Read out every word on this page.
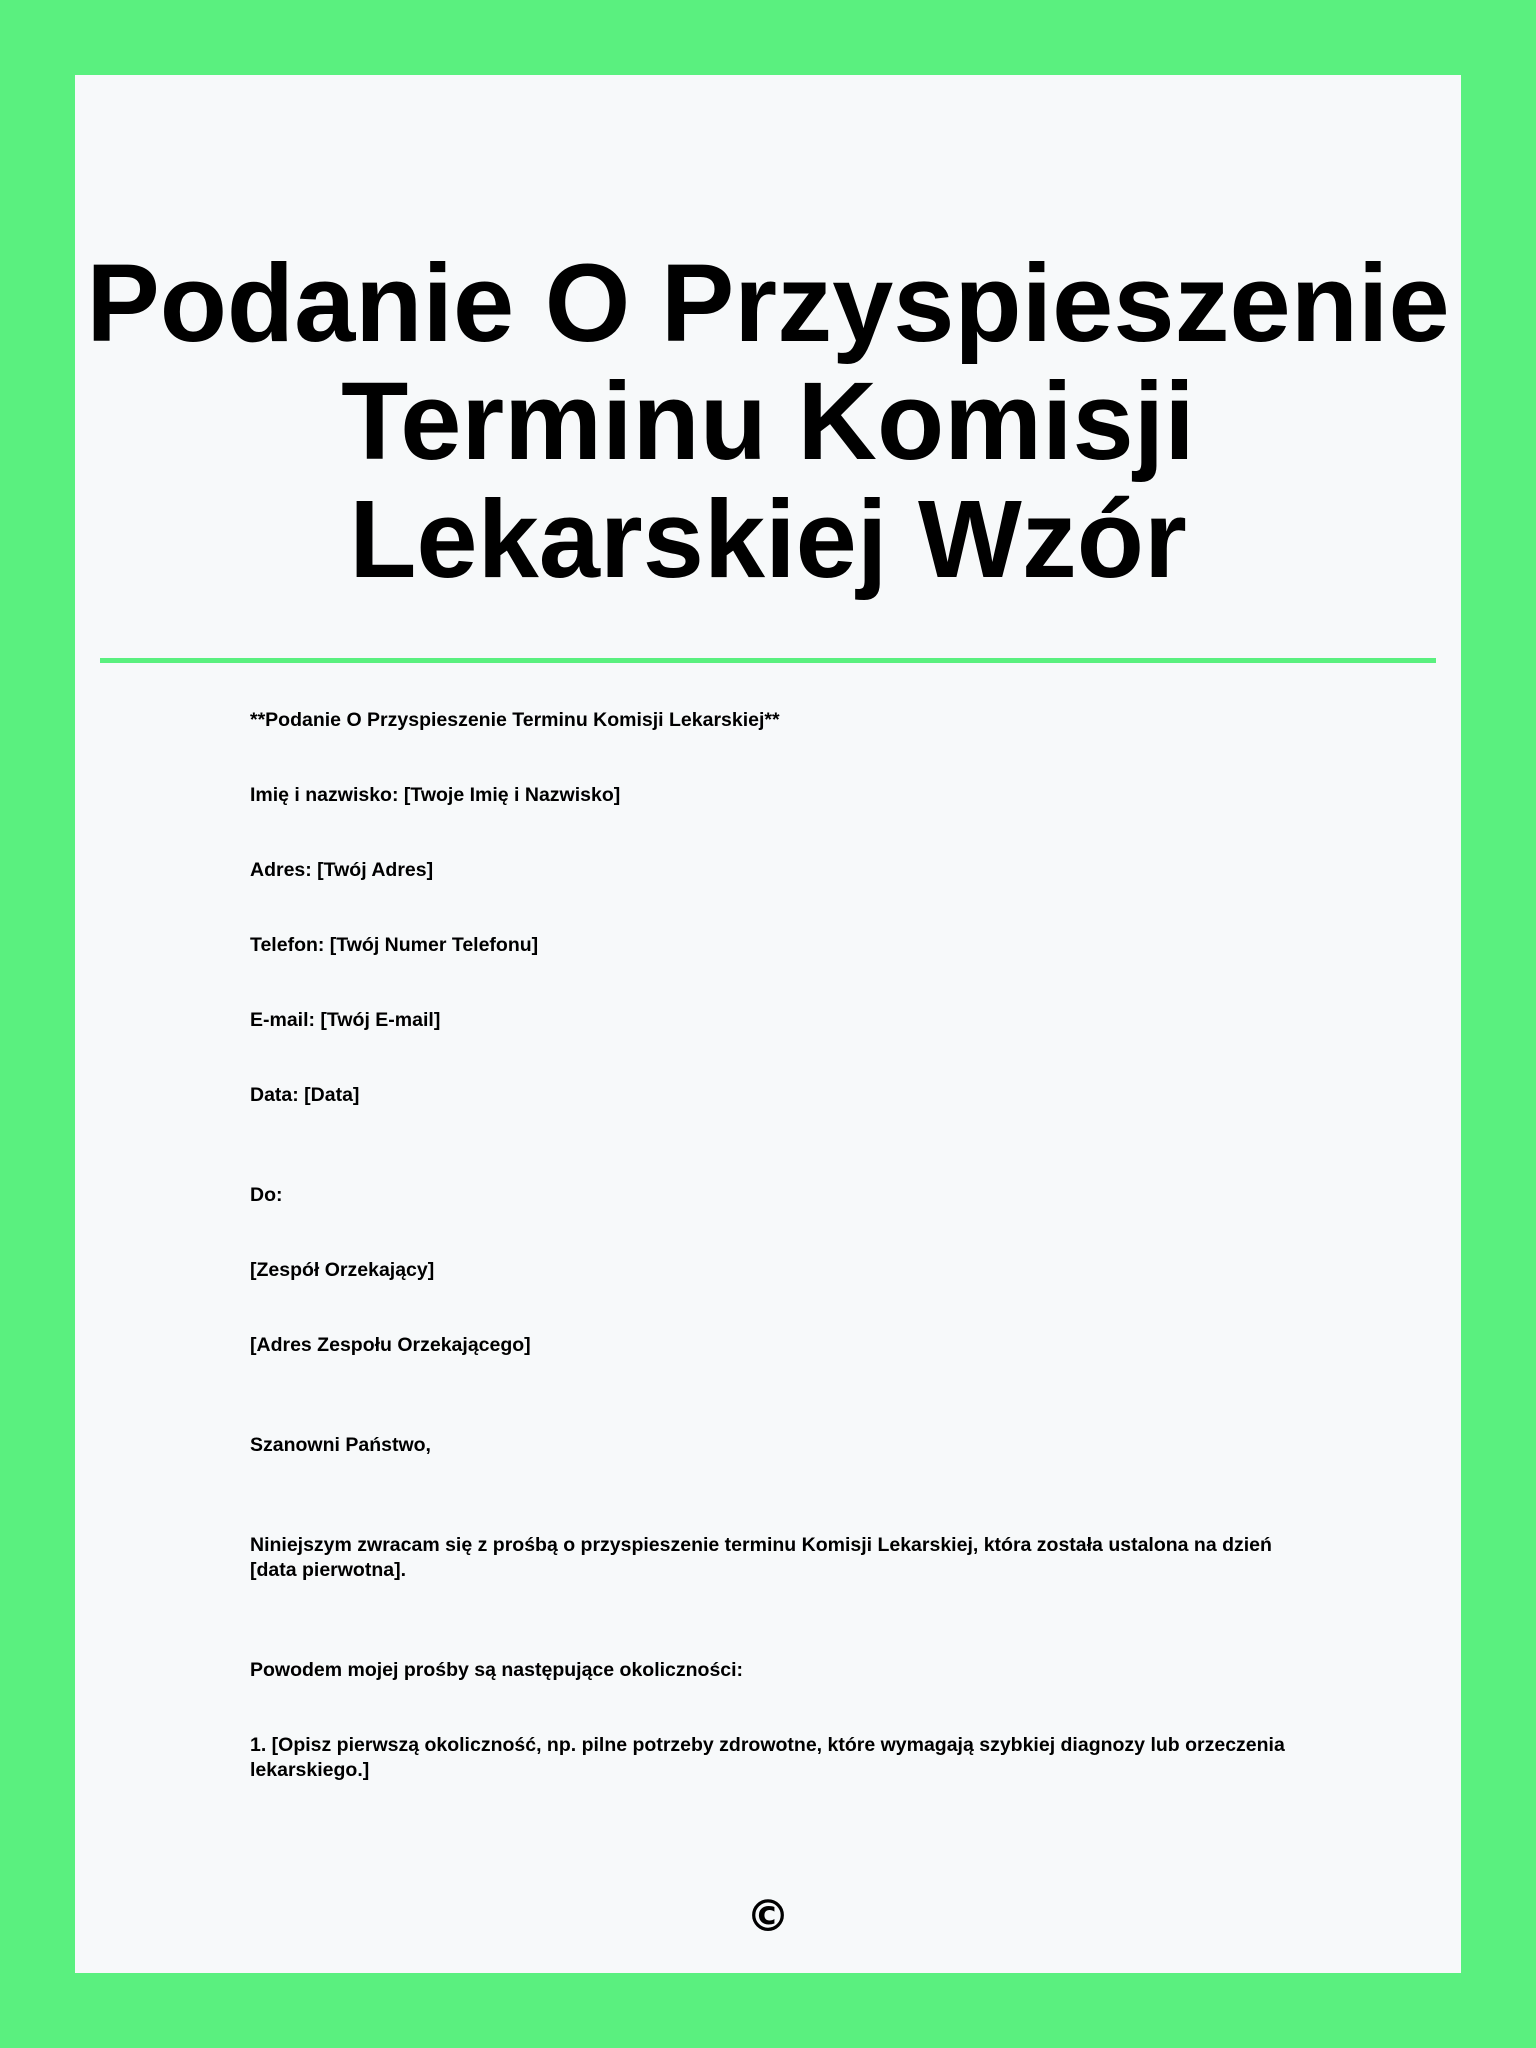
Podanie O Przyspieszenie Terminu Komisji Lekarskiej Wzór

**Podanie O Przyspieszenie Terminu Komisji Lekarskiej**

Imię i nazwisko: [Twoje Imię i Nazwisko]

Adres: [Twój Adres]

Telefon: [Twój Numer Telefonu]

E-mail: [Twój E-mail]

Data: [Data]

Do:

[Zespół Orzekający]

[Adres Zespołu Orzekającego]

Szanowni Państwo,

Niniejszym zwracam się z prośbą o przyspieszenie terminu Komisji Lekarskiej, która została ustalona na dzień [data pierwotna].

Powodem mojej prośby są następujące okoliczności:

1. [Opisz pierwszą okoliczność, np. pilne potrzeby zdrowotne, które wymagają szybkiej diagnozy lub orzeczenia lekarskiego.]

©
